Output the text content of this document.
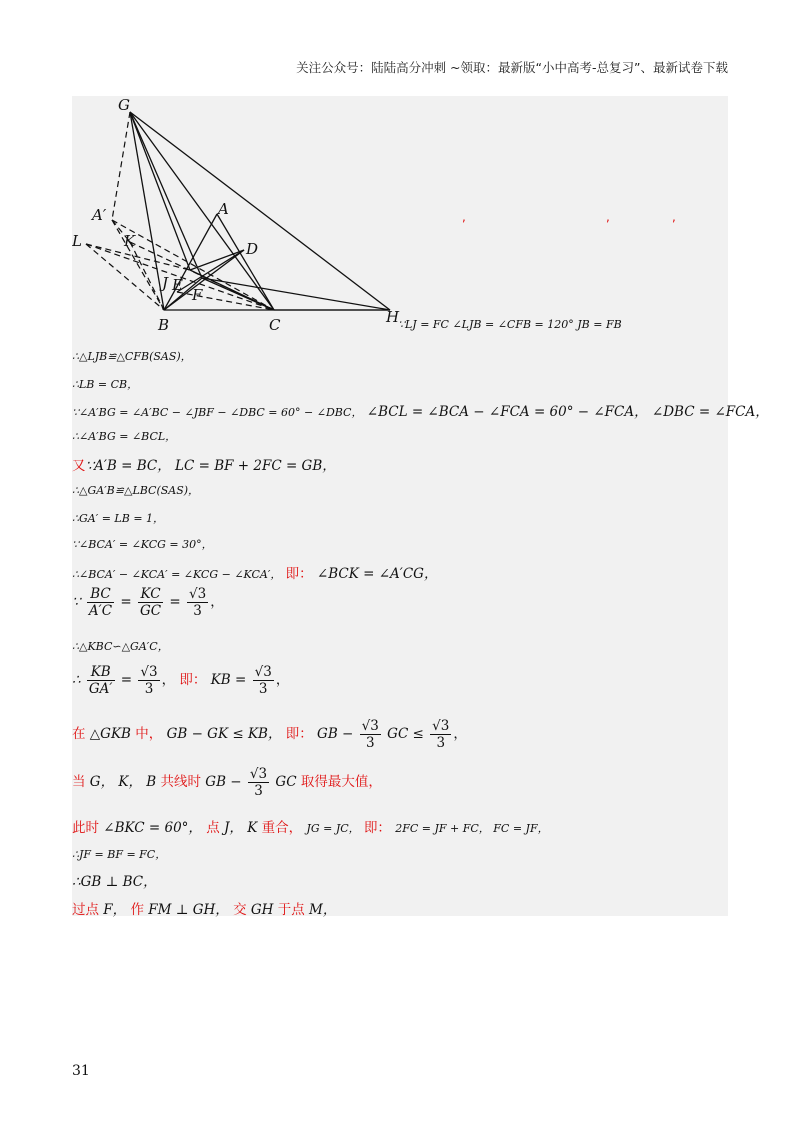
关注公众号：陆陆高分冲刺 ~领取：最新版“小中高考-总复习”、最新试卷下载
G
A′	A
L	K	D
J E
F
B	C	H
,	,	,
∵LJ = FC ∠LJB = ∠CFB = 120° JB = FB
∴△LJB≌△CFB(SAS)，
∴LB = CB，
∵∠A′BG = ∠A′BC − ∠JBF − ∠DBC = 60° − ∠DBC， ∠BCL = ∠BCA − ∠FCA = 60° − ∠FCA， ∠DBC = ∠FCA，
∴∠A′BG = ∠BCL，
又∵A′B = BC， LC = BF + 2FC = GB，
∴△GA′B≌△LBC(SAS)，
∴GA′ = LB = 1，
∵∠BCA′ = ∠KCG = 30°，
∴∠BCA′ − ∠KCA′ = ∠KCG − ∠KCA′， 即： ∠BCK = ∠A′CG，
∵ $\frac{BC}{A'C} = \frac{KC}{GC} = \frac{√3}{3}$ ，
∴△KBC∽△GA′C，
∴ $\frac{KB}{GA'} = \frac{√3}{3}$ ， 即： KB = $\frac{√3}{3}$ ，
在 △GKB 中， GB − GK ≤ KB， 即： GB − $\frac{√3}{3}$ GC ≤ $\frac{√3}{3}$ ，
当 G， K， B 共线时 GB − $\frac{√3}{3}$ GC 取得最大值，
此时 ∠BKC = 60°， 点 J， K 重合， JG = JC， 即： 2FC = JF + FC， FC = JF，
∴JF = BF = FC，
∴GB ⊥ BC，
过点 F， 作 FM ⊥ GH， 交 GH 于点 M，
31
